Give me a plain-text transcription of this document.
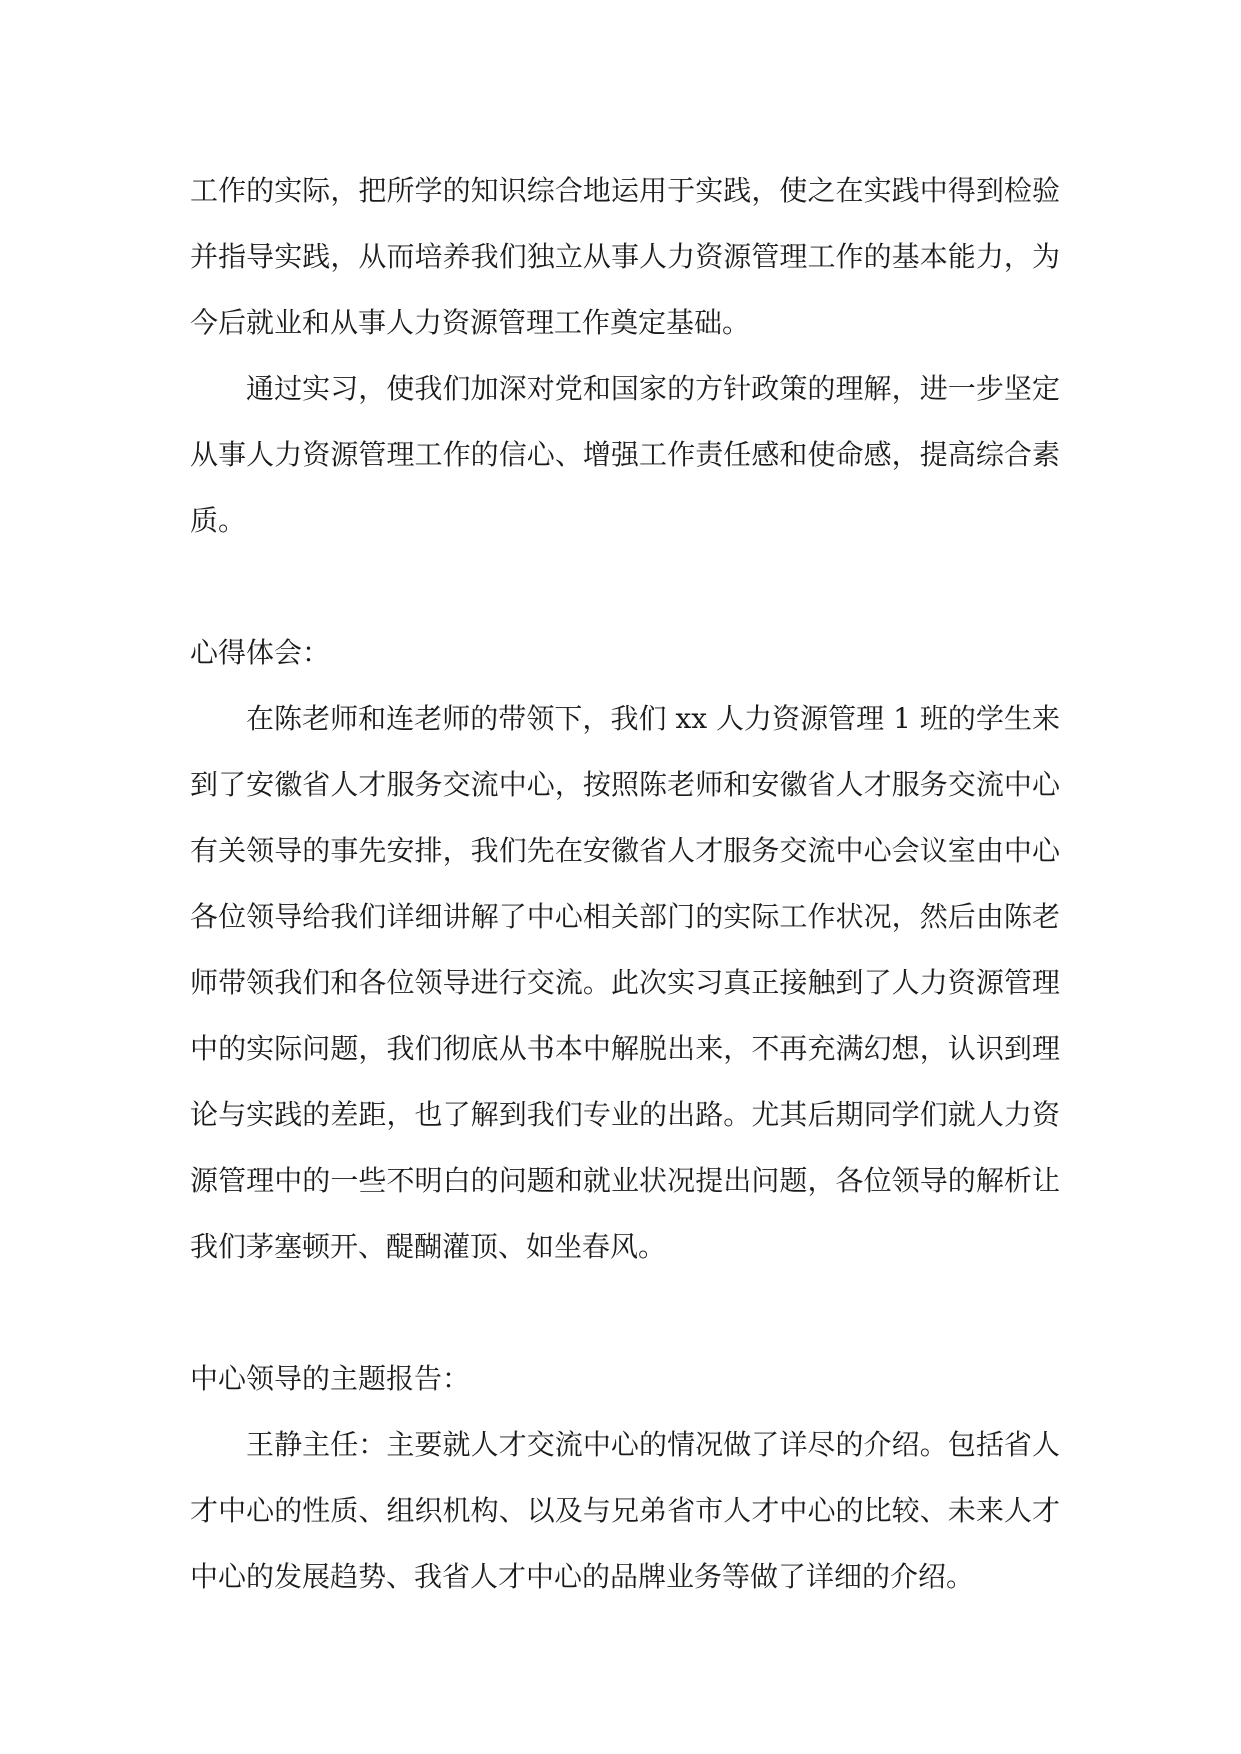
工作的实际，把所学的知识综合地运用于实践，使之在实践中得到检验并指导实践，从而培养我们独立从事人力资源管理工作的基本能力，为今后就业和从事人力资源管理工作奠定基础。

通过实习，使我们加深对党和国家的方针政策的理解，进一步坚定从事人力资源管理工作的信心、增强工作责任感和使命感，提高综合素质。

心得体会：

在陈老师和连老师的带领下，我们 xx 人力资源管理 1 班的学生来到了安徽省人才服务交流中心，按照陈老师和安徽省人才服务交流中心有关领导的事先安排，我们先在安徽省人才服务交流中心会议室由中心各位领导给我们详细讲解了中心相关部门的实际工作状况，然后由陈老师带领我们和各位领导进行交流。此次实习真正接触到了人力资源管理中的实际问题，我们彻底从书本中解脱出来，不再充满幻想，认识到理论与实践的差距，也了解到我们专业的出路。尤其后期同学们就人力资源管理中的一些不明白的问题和就业状况提出问题，各位领导的解析让我们茅塞顿开、醍醐灌顶、如坐春风。

中心领导的主题报告：

王静主任：主要就人才交流中心的情况做了详尽的介绍。包括省人才中心的性质、组织机构、以及与兄弟省市人才中心的比较、未来人才中心的发展趋势、我省人才中心的品牌业务等做了详细的介绍。
